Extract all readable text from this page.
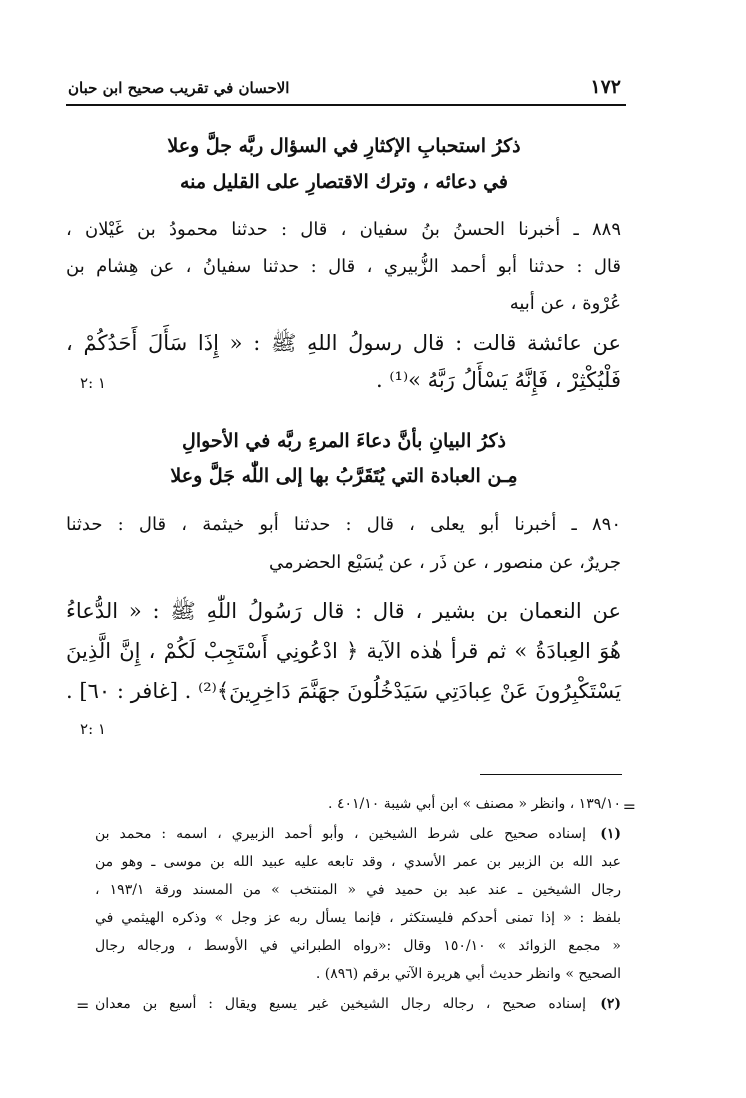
١٧٢
الاحسان في تقريب صحيح ابن حبان
ذكرُ استحبابِ الإكثارِ في السؤال ربَّه جلَّ وعلا
في دعائه ، وترك الاقتصارِ على القليل منه
٨٨٩ ـ أخبرنا الحسنُ بنُ سفيان ، قال : حدثنا محمودُ بن غَيْلان ،
قال : حدثنا أبو أحمد الزُّبيري ، قال : حدثنا سفيانُ ، عن هِشام بن
عُرْوة ، عن أبيه
عن عائشة قالت : قال رسولُ اللهِ ﷺ : « إِذَا سَأَلَ أَحَدُكُمْ ،
فَلْيُكْثِرْ ، فَإِنَّهُ يَسْأَلُ رَبَّهُ »⁽¹⁾ .
١ :٢
ذكرُ البيانِ بأنَّ دعاءَ المرءِ ربَّه في الأحوالِ
مِـن العبادة التي يُتَقَرَّبُ بها إلى اللّٰه جَلَّ وعلا
٨٩٠ ـ أخبرنا أبو يعلى ، قال : حدثنا أبو خيثمة ، قال : حدثنا
جريرٌ، عن منصور ، عن ذَر ، عن يُسَيْع الحضرمي
عن النعمان بن بشير ، قال : قال رَسُولُ اللّٰهِ ﷺ : « الدُّعاءُ
هُوَ العِبادَةُ » ثم قرأ هٰذه الآية ﴿ ادْعُونِي أَسْتَجِبْ لَكُمْ ، إِنَّ الَّذِينَ
يَسْتَكْبِرُونَ عَنْ عِبادَتِي سَيَدْخُلُونَ جهَنَّمَ دَاخِرِينَ﴾⁽²⁾ . [غافر : ٦٠] .
١ :٢
=
١٣٩/١٠ ، وانظر « مصنف » ابن أبي شيبة ٤٠١/١٠ .
(١)
إسناده صحيح على شرط الشيخين ، وأبو أحمد الزبيري ، اسمه : محمد بن
عبد الله بن الزبير بن عمر الأسدي ، وقد تابعه عليه عبيد الله بن موسى ـ وهو من
رجال الشيخين ـ عند عبد بن حميد في « المنتخب » من المسند ورقة ١٩٣/١ ،
بلفظ : « إذا تمنى أحدكم فليستكثر ، فإنما يسأل ربه عز وجل » وذكره الهيثمي في
« مجمع الزوائد » ١٥٠/١٠ وقال :«رواه الطبراني في الأوسط ، ورجاله رجال
الصحيح » وانظر حديث أبي هريرة الآتي برقم (٨٩٦) .
(٢)
إسناده صحيح ، رجاله رجال الشيخين غير يسيع ويقال : أسيع بن معدان
=
